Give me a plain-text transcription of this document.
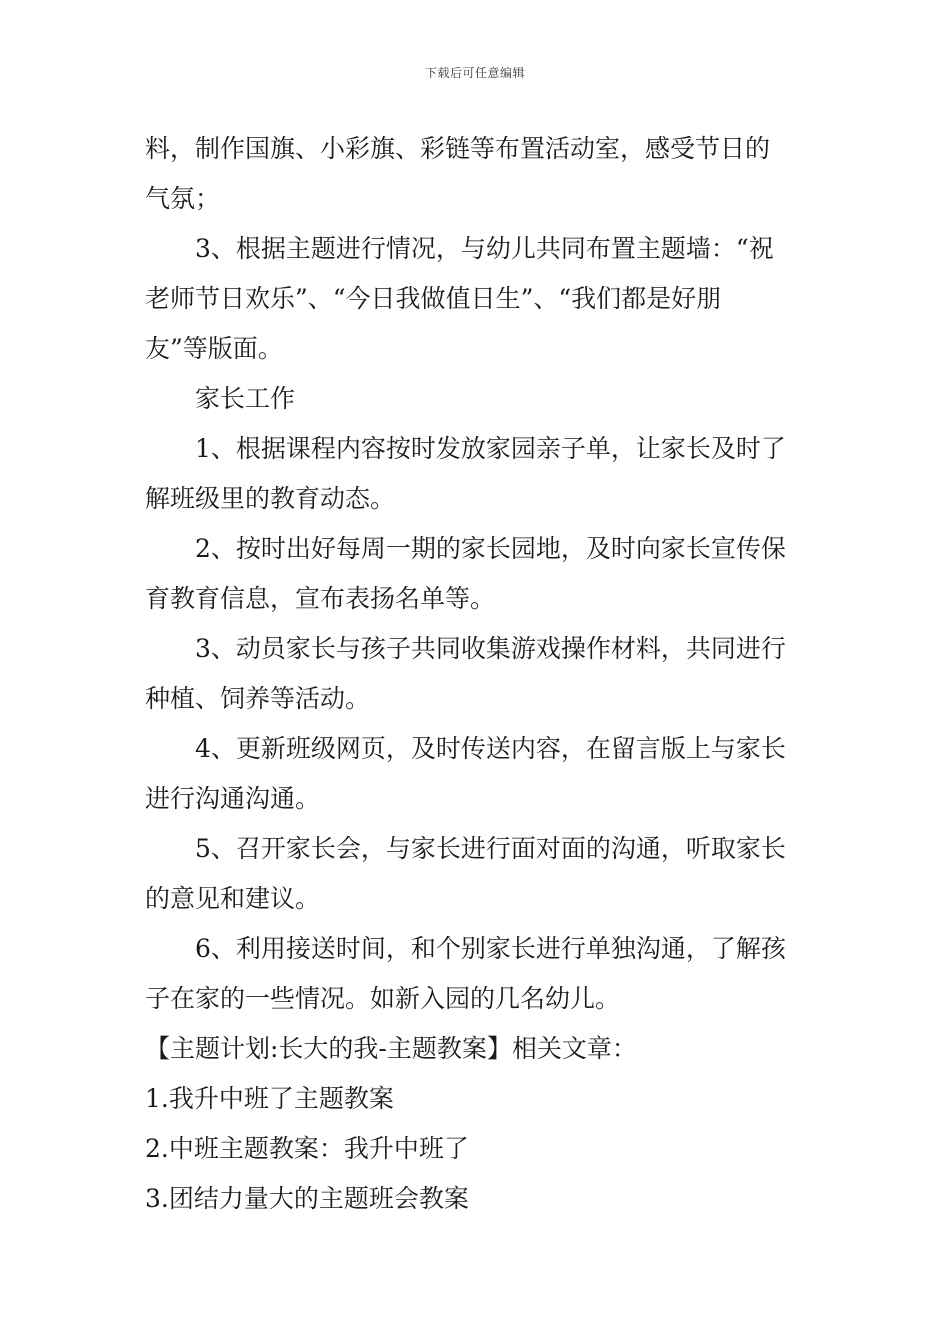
下载后可任意编辑
料，制作国旗、小彩旗、彩链等布置活动室，感受节日的
气氛；
3、根据主题进行情况，与幼儿共同布置主题墙：“祝
老师节日欢乐”、“今日我做值日生”、“我们都是好朋
友”等版面。
家长工作
1、根据课程内容按时发放家园亲子单，让家长及时了
解班级里的教育动态。
2、按时出好每周一期的家长园地，及时向家长宣传保
育教育信息，宣布表扬名单等。
3、动员家长与孩子共同收集游戏操作材料，共同进行
种植、饲养等活动。
4、更新班级网页，及时传送内容，在留言版上与家长
进行沟通沟通。
5、召开家长会，与家长进行面对面的沟通，听取家长
的意见和建议。
6、利用接送时间，和个别家长进行单独沟通，了解孩
子在家的一些情况。如新入园的几名幼儿。
【主题计划:长大的我-主题教案】相关文章：
1.我升中班了主题教案
2.中班主题教案：我升中班了
3.团结力量大的主题班会教案
